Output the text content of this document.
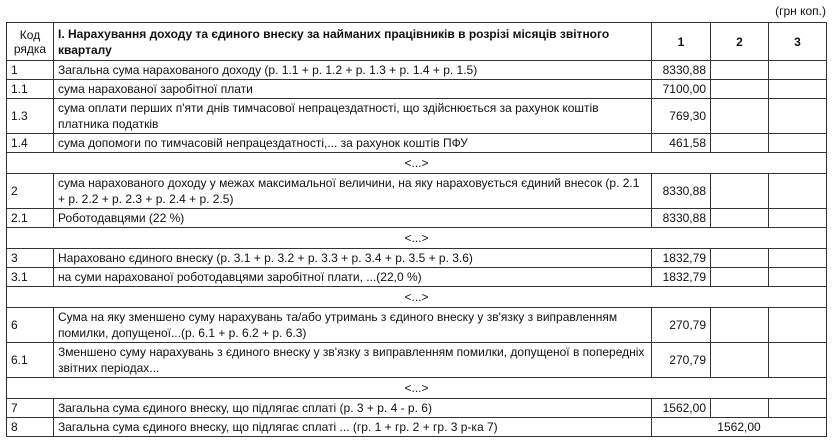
(грн коп.)
Код рядка	I. Нарахування доходу та єдиного внеску за найманих працівників в розрізі місяців звітного кварталу	1	2	3
1	Загальна сума нарахованого доходу (р. 1.1 + р. 1.2 + р. 1.3 + р. 1.4 + р. 1.5)	8330,88		
1.1	сума нарахованої заробітної плати	7100,00		
1.3	сума оплати перших п'яти днів тимчасової непрацездатності, що здійснюється за рахунок коштів платника податків	769,30		
1.4	сума допомоги по тимчасовій непрацездатності,... за рахунок коштів ПФУ	461,58		
<...>				
2	сума нарахованого доходу у межах максимальної величини, на яку нараховується єдиний внесок (р. 2.1 + р. 2.2 + р. 2.3 + р. 2.4 + р. 2.5)	8330,88		
2.1	Роботодавцями (22 %)	8330,88		
<...>				
3	Нараховано єдиного внеску (р. 3.1 + р. 3.2 + р. 3.3 + р. 3.4 + р. 3.5 + р. 3.6)	1832,79		
3.1	на суми нарахованої роботодавцями заробітної плати, ...(22,0 %)	1832,79		
<...>				
6	Сума на яку зменшено суму нарахувань та/або утримань з єдиного внеску у зв'язку з виправленням помилки, допущеної...(р. 6.1 + р. 6.2 + р. 6.3)	270,79		
6.1	Зменшено суму нарахувань з єдиного внеску у зв'язку з виправленням помилки, допущеної в попередніх звітних періодах...	270,79		
<...>				
7	Загальна сума єдиного внеску, що підлягає сплаті (р. 3 + р. 4 - р. 6)	1562,00		
8	Загальна сума єдиного внеску, що підлягає сплаті ... (гр. 1 + гр. 2 + гр. 3 р-ка 7)	1562,00		
